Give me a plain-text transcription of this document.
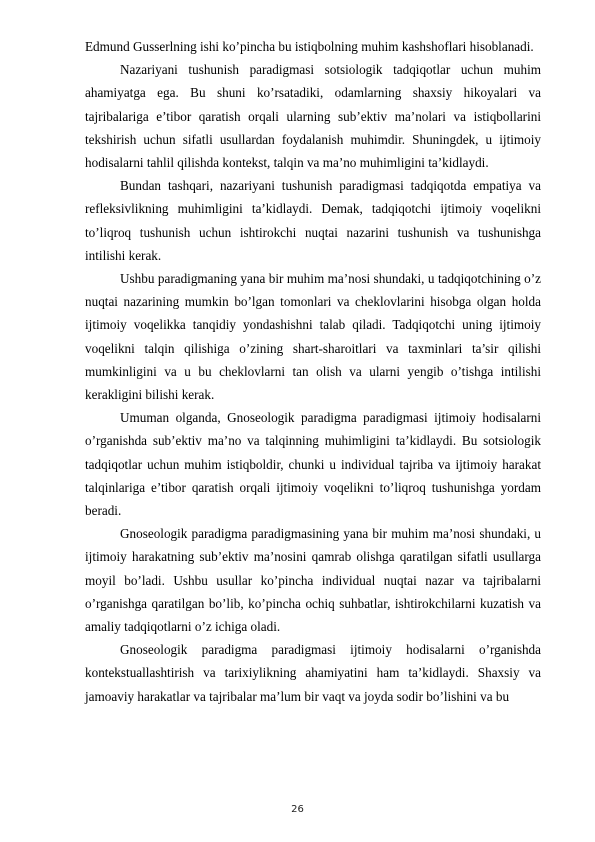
Edmund Gusserlning ishi ko’pincha bu istiqbolning muhim kashshoflari hisoblanadi.

Nazariyani tushunish paradigmasi sotsiologik tadqiqotlar uchun muhim ahamiyatga ega. Bu shuni ko’rsatadiki, odamlarning shaxsiy hikoyalari va tajribalariga e’tibor qaratish orqali ularning sub’ektiv ma’nolari va istiqbollarini tekshirish uchun sifatli usullardan foydalanish muhimdir. Shuningdek, u ijtimoiy hodisalarni tahlil qilishda kontekst, talqin va ma’no muhimligini ta’kidlaydi.

Bundan tashqari, nazariyani tushunish paradigmasi tadqiqotda empatiya va refleksivlikning muhimligini ta’kidlaydi. Demak, tadqiqotchi ijtimoiy voqelikni to’liqroq tushunish uchun ishtirokchi nuqtai nazarini tushunish va tushunishga intilishi kerak.

Ushbu paradigmaning yana bir muhim ma’nosi shundaki, u tadqiqotchining o’z nuqtai nazarining mumkin bo’lgan tomonlari va cheklovlarini hisobga olgan holda ijtimoiy voqelikka tanqidiy yondashishni talab qiladi. Tadqiqotchi uning ijtimoiy voqelikni talqin qilishiga o’zining shart-sharoitlari va taxminlari ta’sir qilishi mumkinligini va u bu cheklovlarni tan olish va ularni yengib o’tishga intilishi kerakligini bilishi kerak.

Umuman olganda, Gnoseologik paradigma paradigmasi ijtimoiy hodisalarni o’rganishda sub’ektiv ma’no va talqinning muhimligini ta’kidlaydi. Bu sotsiologik tadqiqotlar uchun muhim istiqboldir, chunki u individual tajriba va ijtimoiy harakat talqinlariga e’tibor qaratish orqali ijtimoiy voqelikni to’liqroq tushunishga yordam beradi.

Gnoseologik paradigma paradigmasining yana bir muhim ma’nosi shundaki, u ijtimoiy harakatning sub’ektiv ma’nosini qamrab olishga qaratilgan sifatli usullarga moyil bo’ladi. Ushbu usullar ko’pincha individual nuqtai nazar va tajribalarni o’rganishga qaratilgan bo’lib, ko’pincha ochiq suhbatlar, ishtirokchilarni kuzatish va amaliy tadqiqotlarni o’z ichiga oladi.

Gnoseologik paradigma paradigmasi ijtimoiy hodisalarni o’rganishda kontekstuallashtirish va tarixiylikning ahamiyatini ham ta’kidlaydi. Shaxsiy va jamoaviy harakatlar va tajribalar ma’lum bir vaqt va joyda sodir bo’lishini va bu

26
